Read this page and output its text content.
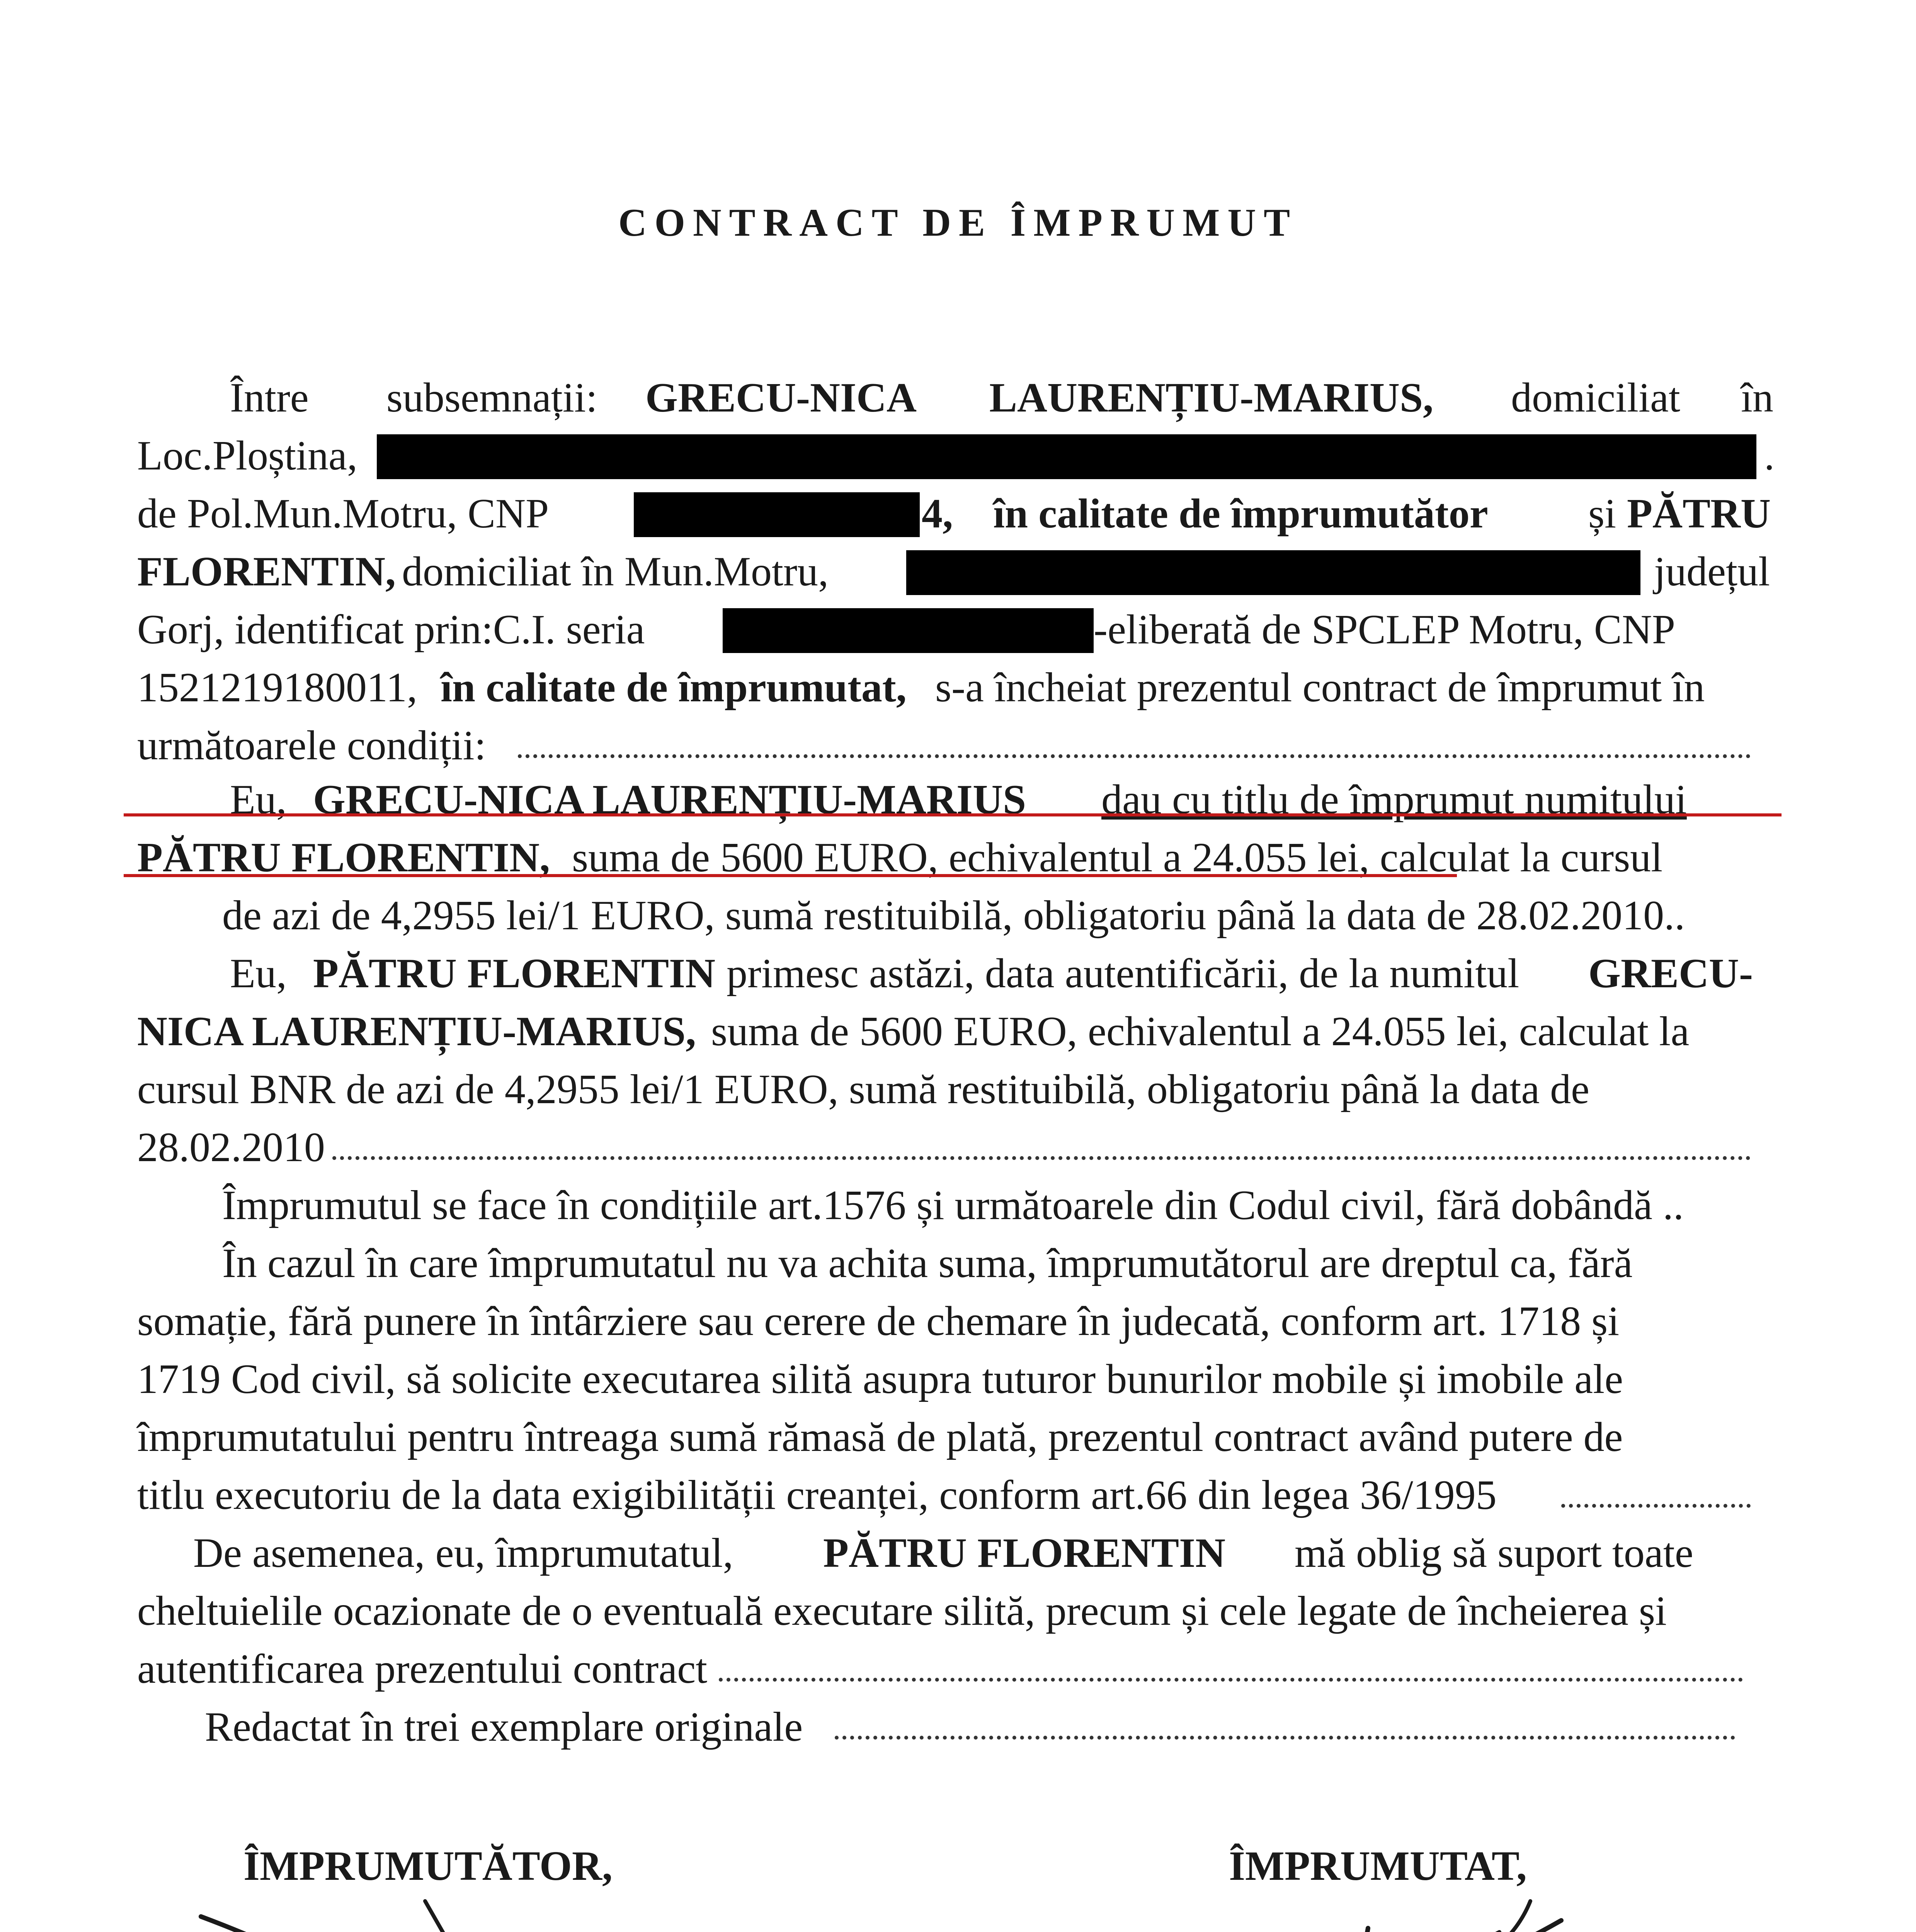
CONTRACT DE ÎMPRUMUT
Între subsemnații: GRECU-NICA LAURENȚIU-MARIUS, domiciliat în
Loc.Ploștina,	.
de Pol.Mun.Motru, CNP	4, în calitate de împrumutător și PĂTRU
FLORENTIN, domiciliat în Mun.Motru,	județul
Gorj, identificat prin:C.I. seria	-eliberată de SPCLEP Motru, CNP
1521219180011, în calitate de împrumutat, s-a încheiat prezentul contract de împrumut în
următoarele condiții:
Eu, GRECU-NICA LAURENȚIU-MARIUS dau cu titlu de împrumut numitului
PĂTRU FLORENTIN, suma de 5600 EURO, echivalentul a 24.055 lei, calculat la cursul
de azi de 4,2955 lei/1 EURO, sumă restituibilă, obligatoriu până la data de 28.02.2010..
Eu, PĂTRU FLORENTIN primesc astăzi, data autentificării, de la numitul GRECU-
NICA LAURENȚIU-MARIUS, suma de 5600 EURO, echivalentul a 24.055 lei, calculat la
cursul BNR de azi de 4,2955 lei/1 EURO, sumă restituibilă, obligatoriu până la data de
28.02.2010
Împrumutul se face în condițiile art.1576 și următoarele din Codul civil, fără dobândă ..
În cazul în care împrumutatul nu va achita suma, împrumutătorul are dreptul ca, fără
somație, fără punere în întârziere sau cerere de chemare în judecată, conform art. 1718 și
1719 Cod civil, să solicite executarea silită asupra tuturor bunurilor mobile și imobile ale
împrumutatului pentru întreaga sumă rămasă de plată, prezentul contract având putere de
titlu executoriu de la data exigibilității creanței, conform art.66 din legea 36/1995
De asemenea, eu, împrumutatul, PĂTRU FLORENTIN mă oblig să suport toate
cheltuielile ocazionate de o eventuală executare silită, precum și cele legate de încheierea și
autentificarea prezentului contract
Redactat în trei exemplare originale
ÎMPRUMUTĂTOR,	ÎMPRUMUTAT,
